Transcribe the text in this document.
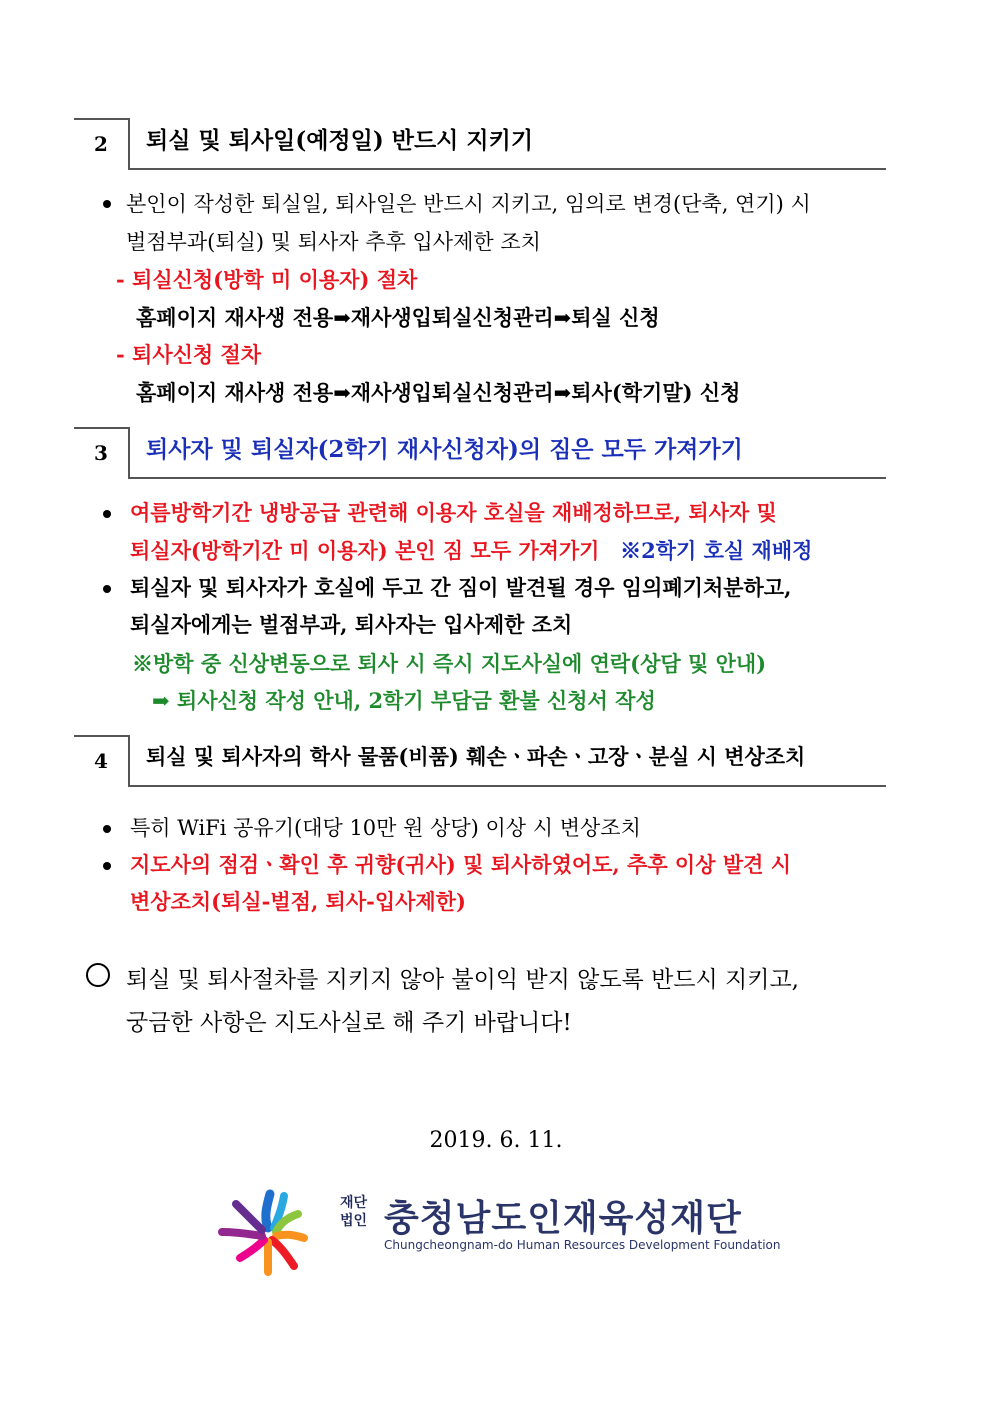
2	퇴실 및 퇴사일(예정일) 반드시 지키기
본인이 작성한 퇴실일, 퇴사일은 반드시 지키고, 임의로 변경(단축, 연기) 시
벌점부과(퇴실) 및 퇴사자 추후 입사제한 조치
- 퇴실신청(방학 미 이용자) 절차
홈페이지 재사생 전용➡재사생입퇴실신청관리➡퇴실 신청
- 퇴사신청 절차
홈페이지 재사생 전용➡재사생입퇴실신청관리➡퇴사(학기말) 신청
3	퇴사자 및 퇴실자(2학기 재사신청자)의 짐은 모두 가져가기
여름방학기간 냉방공급 관련해 이용자 호실을 재배정하므로, 퇴사자 및
퇴실자(방학기간 미 이용자) 본인 짐 모두 가져가기 ※2학기 호실 재배정
퇴실자 및 퇴사자가 호실에 두고 간 짐이 발견될 경우 임의폐기처분하고,
퇴실자에게는 벌점부과, 퇴사자는 입사제한 조치
※방학 중 신상변동으로 퇴사 시 즉시 지도사실에 연락(상담 및 안내)
➡ 퇴사신청 작성 안내, 2학기 부담금 환불 신청서 작성
4	퇴실 및 퇴사자의 학사 물품(비품) 훼손ㆍ파손ㆍ고장ㆍ분실 시 변상조치
특히 WiFi 공유기(대당 10만 원 상당) 이상 시 변상조치
지도사의 점검ㆍ확인 후 귀향(귀사) 및 퇴사하였어도, 추후 이상 발견 시
변상조치(퇴실-벌점, 퇴사-입사제한)
퇴실 및 퇴사절차를 지키지 않아 불이익 받지 않도록 반드시 지키고,
궁금한 사항은 지도사실로 해 주기 바랍니다!
2019. 6. 11.
재단 법인 충청남도인재육성재단
Chungcheongnam-do Human Resources Development Foundation
